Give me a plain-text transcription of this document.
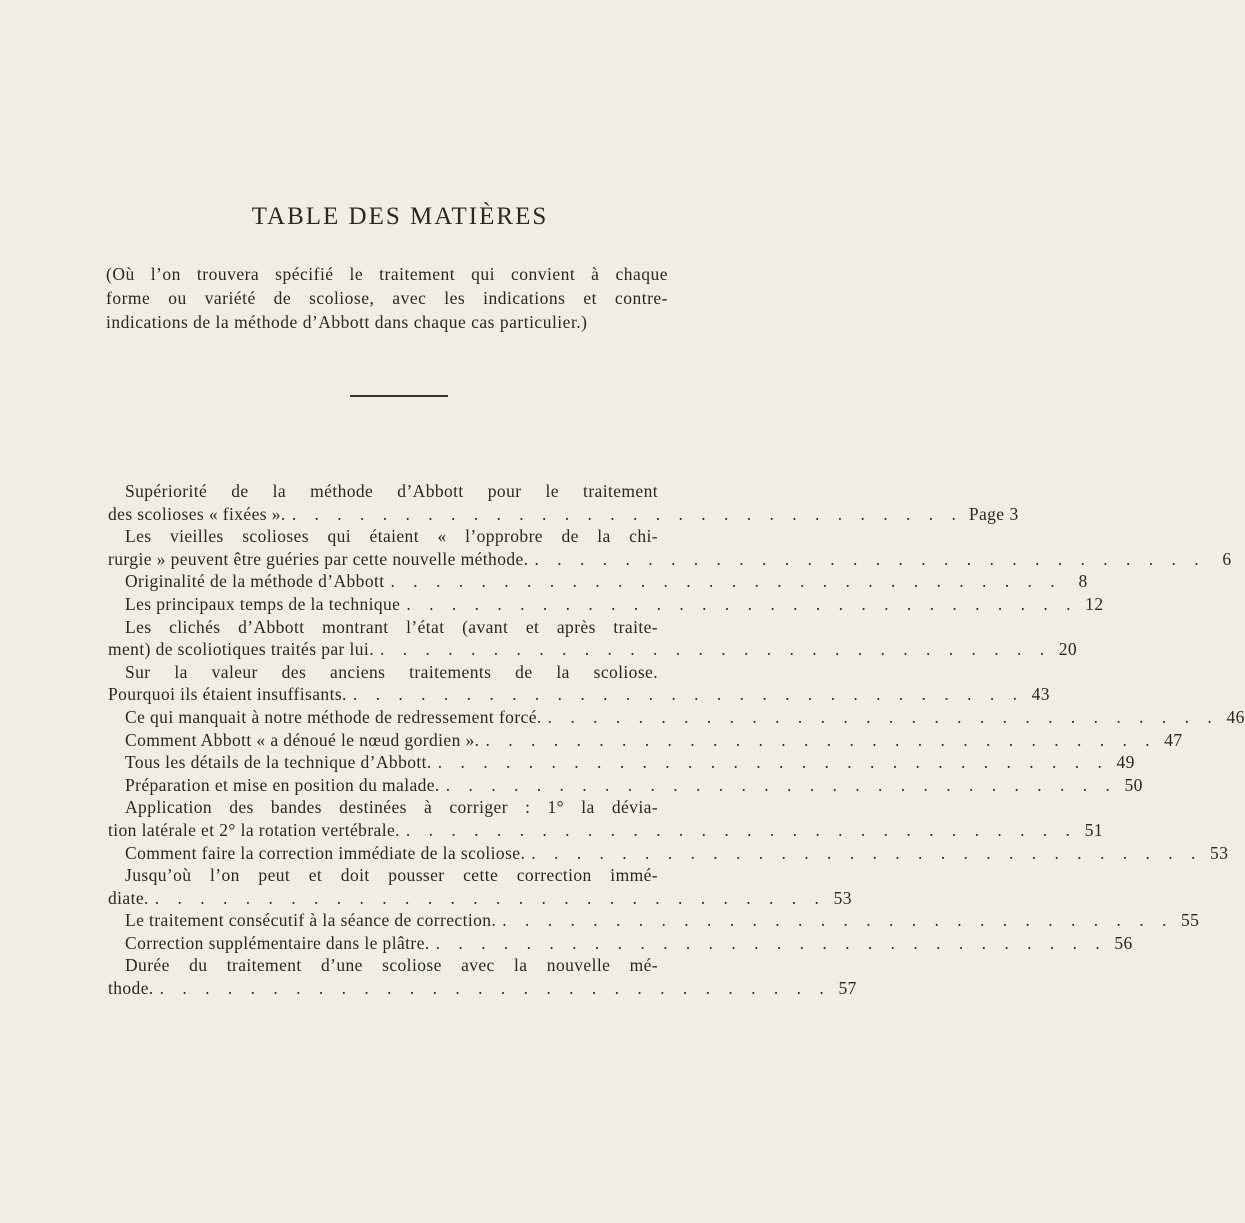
TABLE DES MATIÈRES
(Où l’on trouvera spécifié le traitement qui convient à chaque
forme ou variété de scoliose, avec les indications et contre-
indications de la méthode d’Abbott dans chaque cas particulier.)
Supériorité de la méthode d’Abbott pour le traitement
des scolioses « fixées ». . . . . . . . . . . . . . . . . . . . . . . . . . . . . . . Page 3
Les vieilles scolioses qui étaient « l’opprobre de la chi-
rurgie » peuvent être guéries par cette nouvelle méthode. . . . . . . . . . . . . . . . . . . . . . . . . . . . . . . 6
Originalité de la méthode d’Abbott . . . . . . . . . . . . . . . . . . . . . . . . . . . . . . 8
Les principaux temps de la technique . . . . . . . . . . . . . . . . . . . . . . . . . . . . . . 12
Les clichés d’Abbott montrant l’état (avant et après traite-
ment) de scoliotiques traités par lui. . . . . . . . . . . . . . . . . . . . . . . . . . . . . . . 20
Sur la valeur des anciens traitements de la scoliose.
Pourquoi ils étaient insuffisants. . . . . . . . . . . . . . . . . . . . . . . . . . . . . . . 43
Ce qui manquait à notre méthode de redressement forcé. . . . . . . . . . . . . . . . . . . . . . . . . . . . . . . 46
Comment Abbott « a dénoué le nœud gordien ». . . . . . . . . . . . . . . . . . . . . . . . . . . . . . . 47
Tous les détails de la technique d’Abbott. . . . . . . . . . . . . . . . . . . . . . . . . . . . . . . 49
Préparation et mise en position du malade. . . . . . . . . . . . . . . . . . . . . . . . . . . . . . . 50
Application des bandes destinées à corriger : 1° la dévia-
tion latérale et 2° la rotation vertébrale. . . . . . . . . . . . . . . . . . . . . . . . . . . . . . . 51
Comment faire la correction immédiate de la scoliose. . . . . . . . . . . . . . . . . . . . . . . . . . . . . . . 53
Jusqu’où l’on peut et doit pousser cette correction immé-
diate. . . . . . . . . . . . . . . . . . . . . . . . . . . . . . . 53
Le traitement consécutif à la séance de correction. . . . . . . . . . . . . . . . . . . . . . . . . . . . . . . 55
Correction supplémentaire dans le plâtre. . . . . . . . . . . . . . . . . . . . . . . . . . . . . . . 56
Durée du traitement d’une scoliose avec la nouvelle mé-
thode. . . . . . . . . . . . . . . . . . . . . . . . . . . . . . . 57
